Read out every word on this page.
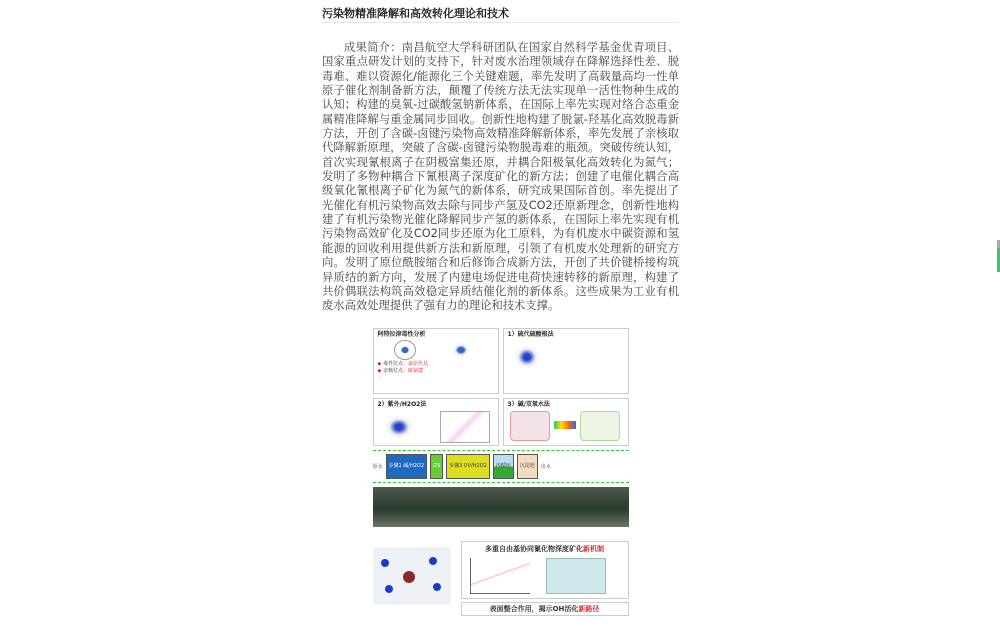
污染物精准降解和高效转化理论和技术

成果简介：南昌航空大学科研团队在国家自然科学基金优青项目、国家重点研发计划的支持下，针对废水治理领域存在降解选择性差、脱毒难、难以资源化/能源化三个关键难题，率先发明了高载量高均一性单原子催化剂制备新方法，颠覆了传统方法无法实现单一活性物种生成的认知；构建的臭氧-过碳酸氢钠新体系，在国际上率先实现对络合态重金属精准降解与重金属同步回收。创新性地构建了脱氯-羟基化高效脱毒新方法，开创了含碳-卤键污染物高效精准降解新体系，率先发展了亲核取代降解新原理，突破了含碳-卤键污染物脱毒难的瓶颈。突破传统认知，首次实现氰根离子在阴极富集还原，并耦合阳极氧化高效转化为氮气；发明了多物种耦合下氰根离子深度矿化的新方法；创建了电催化耦合高级氧化氰根离子矿化为氮气的新体系，研究成果国际首创。率先提出了光催化有机污染物高效去除与同步产氢及CO2还原新理念，创新性地构建了有机污染物光催化降解同步产氢的新体系，在国际上率先实现有机污染物高效矿化及CO2同步还原为化工原料，为有机废水中碳资源和氢能源的回收利用提供新方法和新原理，引领了有机废水处理新的研究方向。发明了原位酰胺缩合和后修饰合成新方法，开创了共价键桥接构筑异质结的新方向，发展了内建电场促进电荷快速转移的新原理，构建了共价偶联法构筑高效稳定异质结催化剂的新体系。这些成果为工业有机废水高效处理提供了强有力的理论和技术支撑。

阿特拉津毒性分析
◆ 毒性位点：氯原代基
◆ 亲核位点：碳氯键
1）硫代硫酸根法
2）紫外/H2O2法	3）碱/双氧水法
原水	步骤1 碱/H2O2	O3	步骤3 UV/H2O2	内循环	沉淀池	出水
多重自由基协同氰化物深度矿化新机制
表面整合作用，揭示OH活化新路径
